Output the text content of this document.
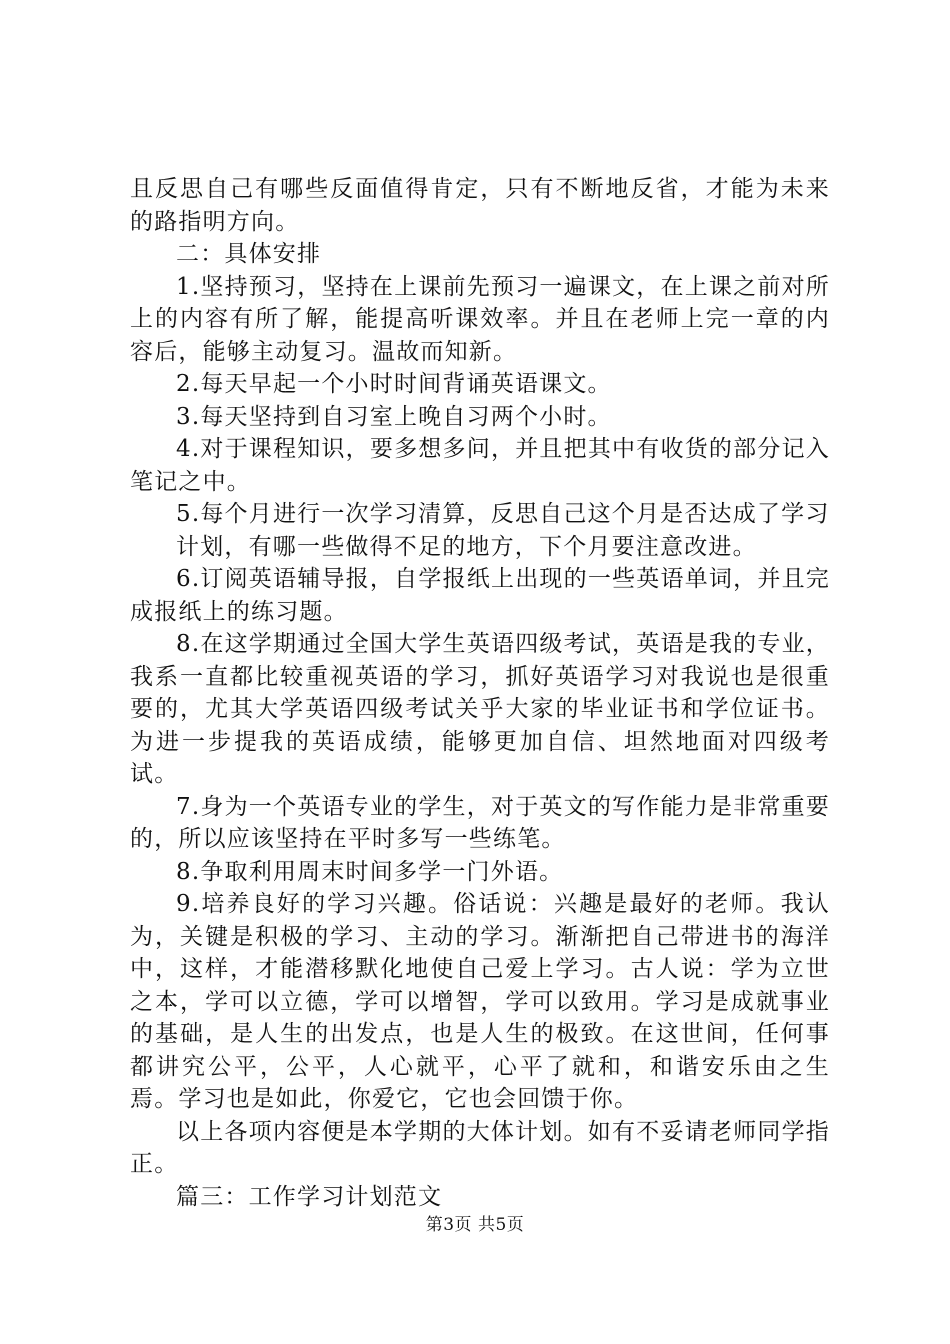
且反思自己有哪些反面值得肯定，只有不断地反省，才能为未来的路指明方向。

二：具体安排

1.坚持预习，坚持在上课前先预习一遍课文，在上课之前对所上的内容有所了解，能提高听课效率。并且在老师上完一章的内容后，能够主动复习。温故而知新。

2.每天早起一个小时时间背诵英语课文。

3.每天坚持到自习室上晚自习两个小时。

4.对于课程知识，要多想多问，并且把其中有收货的部分记入笔记之中。

5.每个月进行一次学习清算，反思自己这个月是否达成了学习

计划，有哪一些做得不足的地方，下个月要注意改进。

6.订阅英语辅导报，自学报纸上出现的一些英语单词，并且完成报纸上的练习题。

8.在这学期通过全国大学生英语四级考试，英语是我的专业，我系一直都比较重视英语的学习，抓好英语学习对我说也是很重要的，尤其大学英语四级考试关乎大家的毕业证书和学位证书。为进一步提我的英语成绩，能够更加自信、坦然地面对四级考试。

7.身为一个英语专业的学生，对于英文的写作能力是非常重要的，所以应该坚持在平时多写一些练笔。

8.争取利用周末时间多学一门外语。

9.培养良好的学习兴趣。俗话说：兴趣是最好的老师。我认为，关键是积极的学习、主动的学习。渐渐把自己带进书的海洋中，这样，才能潜移默化地使自己爱上学习。古人说：学为立世之本，学可以立德，学可以增智，学可以致用。学习是成就事业的基础，是人生的出发点，也是人生的极致。在这世间，任何事都讲究公平，公平，人心就平，心平了就和，和谐安乐由之生焉。学习也是如此，你爱它，它也会回馈于你。

以上各项内容便是本学期的大体计划。如有不妥请老师同学指正。

篇三：工作学习计划范文

第3页 共5页
